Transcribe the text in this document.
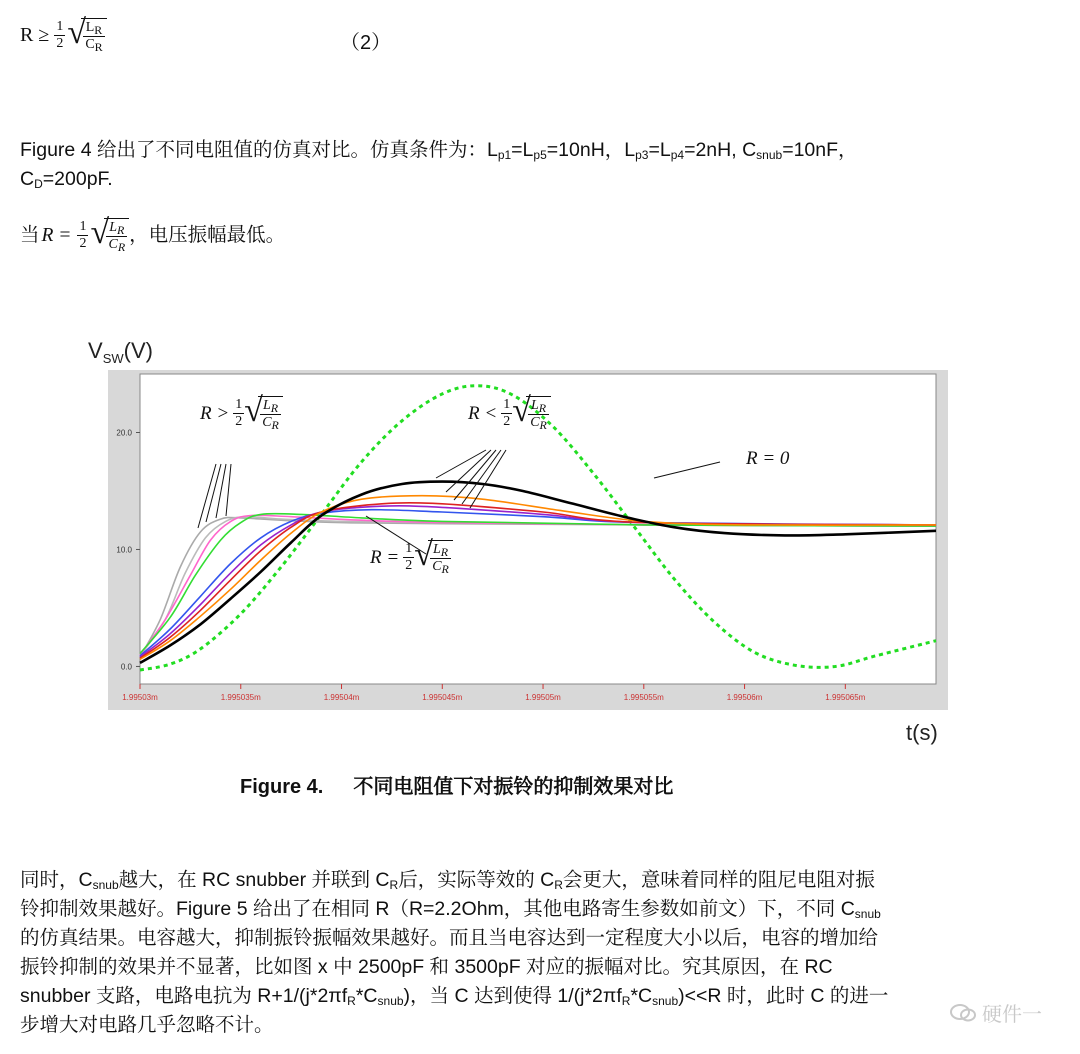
$R \ge \frac{1}{2}$ √
$\frac{L_R}{C_R}$	（2）
Figure 4 给出了不同电阻值的仿真对比。仿真条件为：$L_{p1}=L_{p5}=10nH$，$L_{p3}=L_{p4}=2nH$, $C_{snub}=10nF$，
$C_D=200pF$.
当 $R = \frac{1}{2}$ √
$\frac{L_R}{C_R}$ ，电压振幅最低。
$V_{SW}(V)$
t(s)
0.0
10.0
20.0
1.99503m	1.995035m	1.99504m	1.995045m	1.99505m	1.995055m	1.99506m	1.995065m
$R > \frac{1}{2}$ √
$\frac{L_R}{C_R}$	$R < \frac{1}{2}$ √
$\frac{L_R}{C_R}$
R = 0
$R = \frac{1}{2}$ √
$\frac{L_R}{C_R}$
Figure 4. 不同电阻值下对振铃的抑制效果对比
同时，$C_{snub}$越大，在 RC snubber 并联到 $C_R$后，实际等效的 $C_R$会更大，意味着同样的阻尼电阻对振
铃抑制效果越好。Figure 5 给出了在相同 R（R=2.2Ohm，其他电路寄生参数如前文）下，不同 $C_{snub}$
的仿真结果。电容越大，抑制振铃振幅效果越好。而且当电容达到一定程度大小以后，电容的增加给
振铃抑制的效果并不显著，比如图 x 中 2500pF 和 3500pF 对应的振幅对比。究其原因，在 RC
snubber 支路，电路电抗为 $R+1/(j*2\pi f_R*C_{snub})$，当 C 达到使得 $1/(j*2\pi f_R*C_{snub})<<R$ 时，此时 C 的进一
步增大对电路几乎忽略不计。	硬件一
